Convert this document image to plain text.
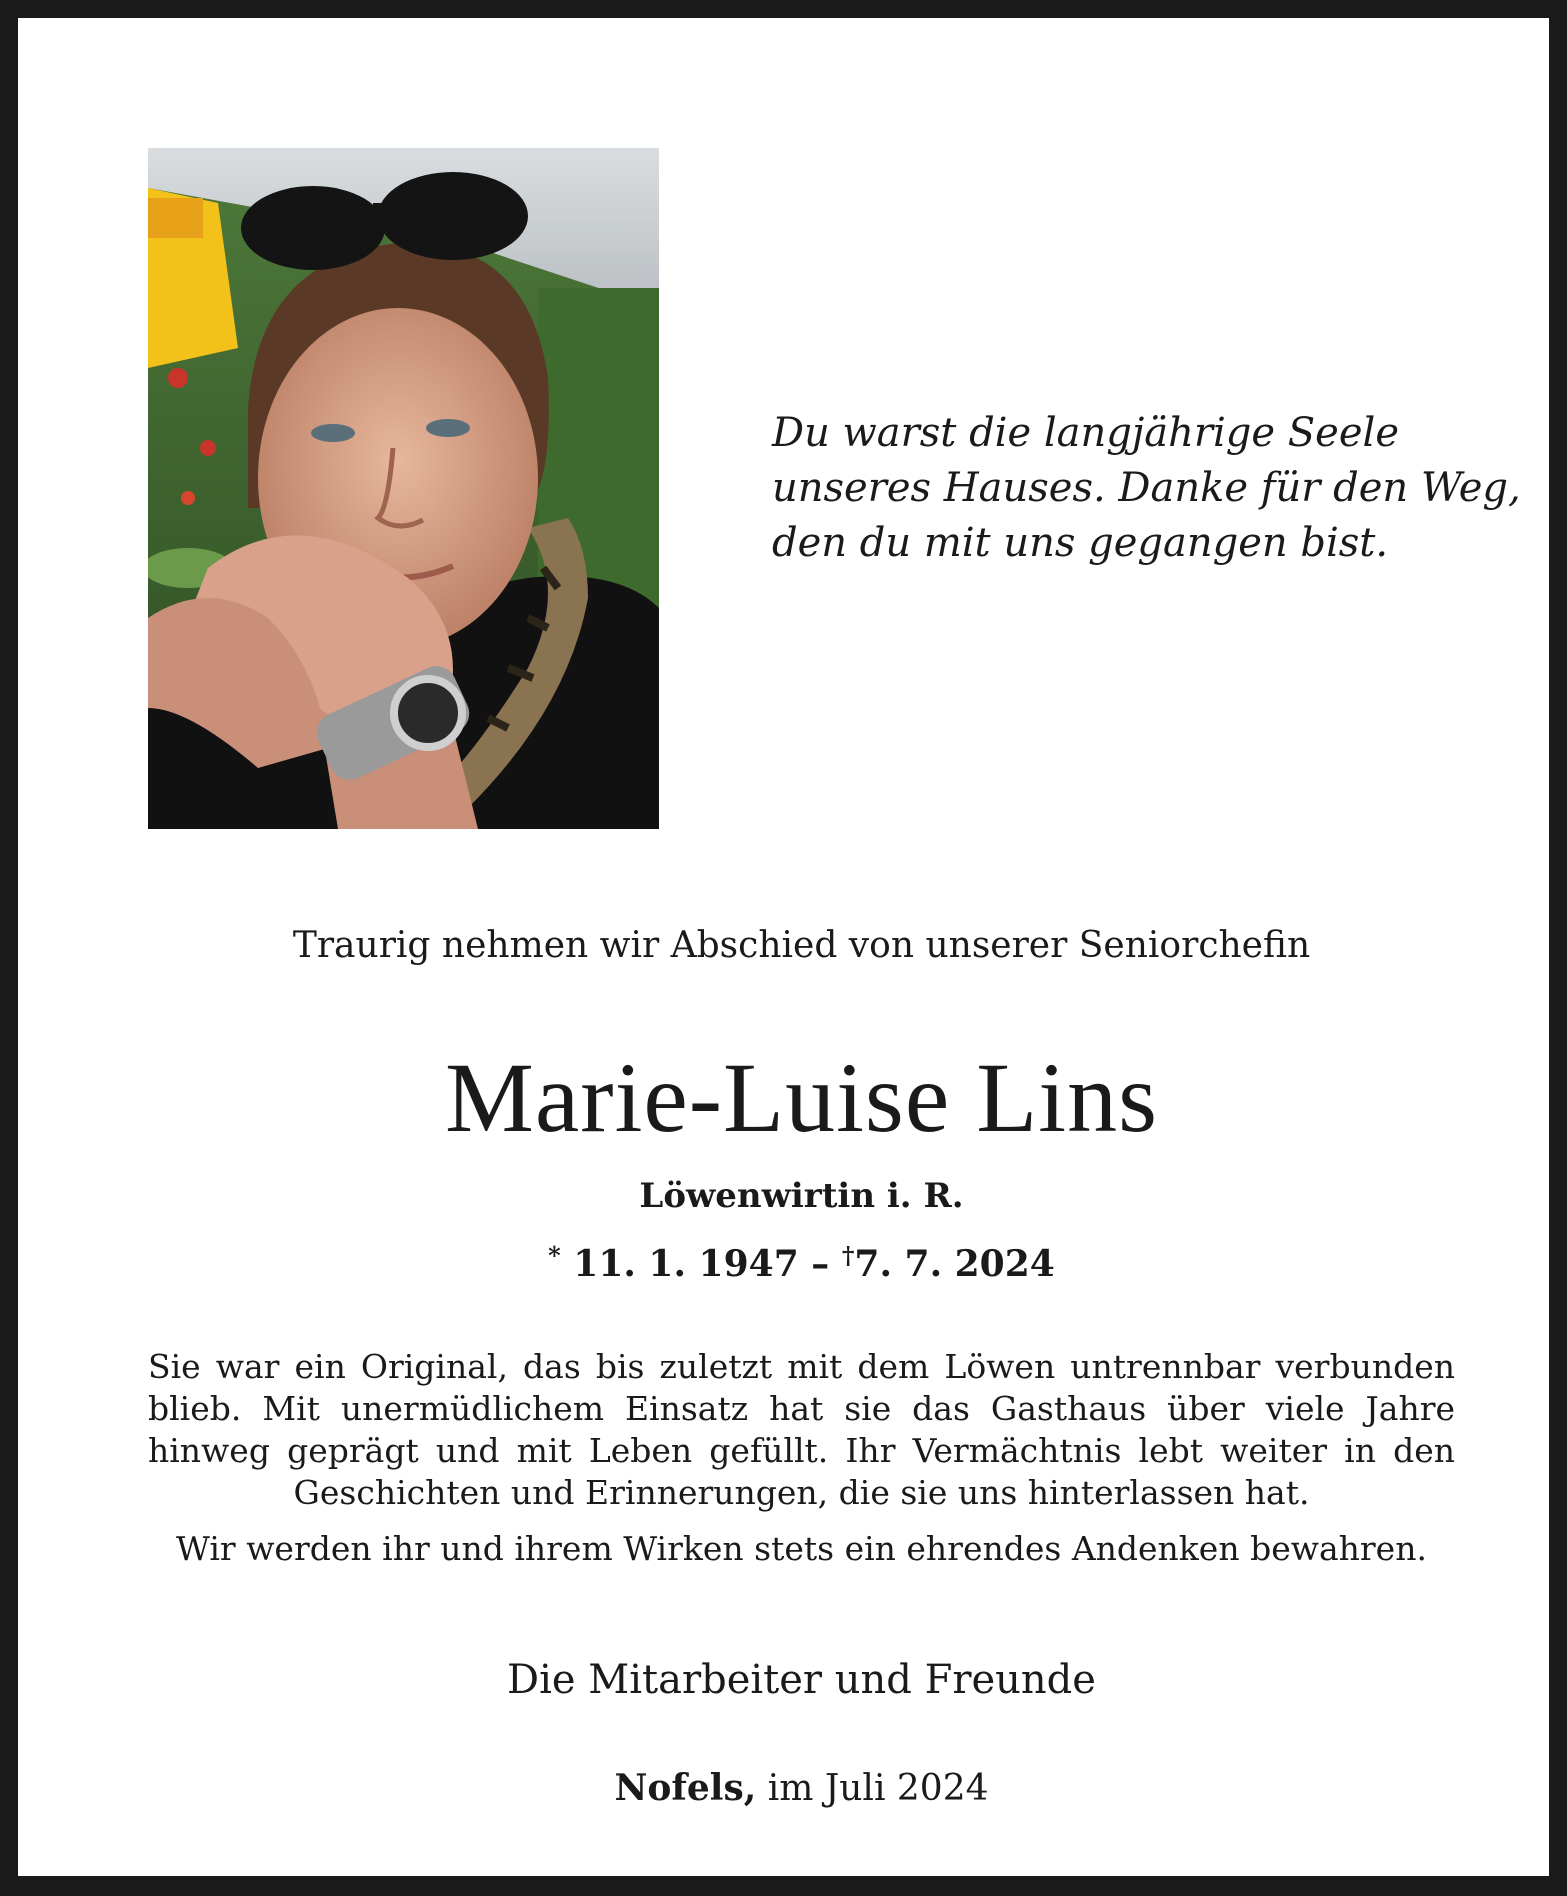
Du warst die langjährige Seele
unseres Hauses. Danke für den Weg,
den du mit uns gegangen bist.
Traurig nehmen wir Abschied von unserer Seniorchefin
Marie-Luise Lins
Löwenwirtin i. R.
* 11. 1. 1947 – †7. 7. 2024

Sie war ein Original, das bis zuletzt mit dem Löwen untrennbar verbunden blieb. Mit unermüdlichem Einsatz hat sie das Gasthaus über viele Jahre hinweg geprägt und mit Leben gefüllt. Ihr Vermächtnis lebt weiter in den Geschichten und Erinnerungen, die sie uns hinterlassen hat.

Wir werden ihr und ihrem Wirken stets ein ehrendes Andenken bewahren.

Die Mitarbeiter und Freunde
Nofels, im Juli 2024
